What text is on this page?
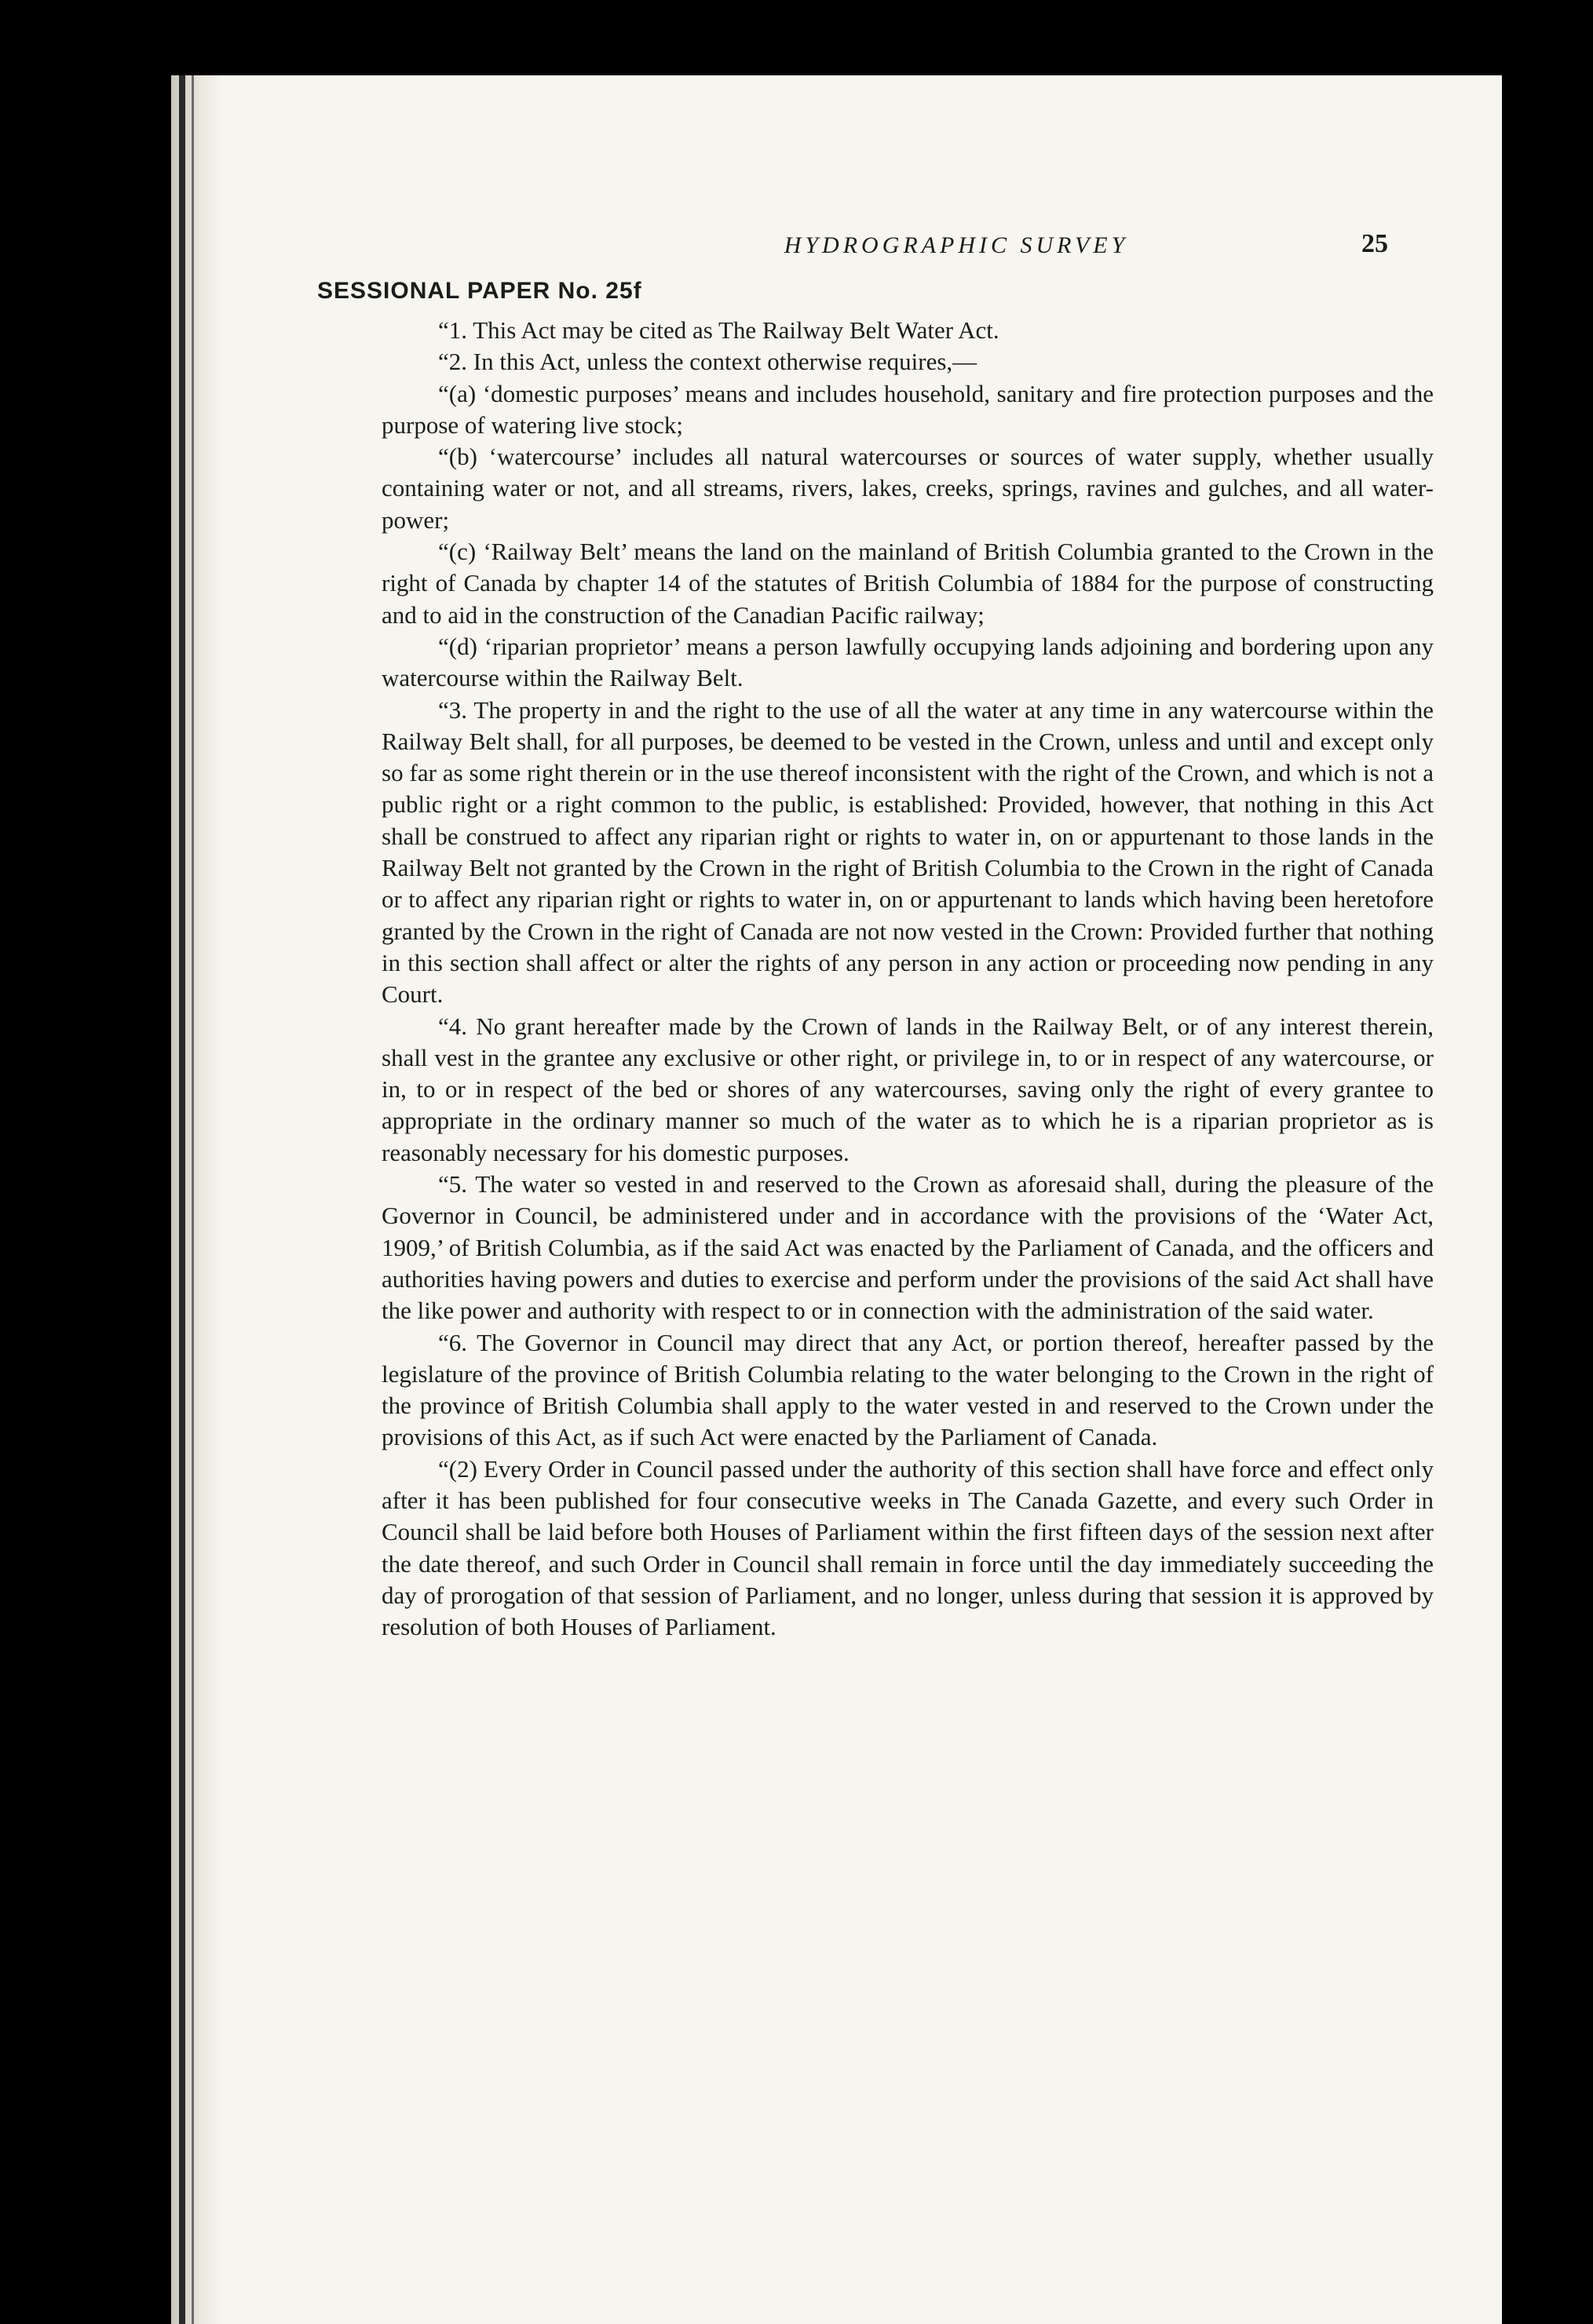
HYDROGRAPHIC SURVEY	25
SESSIONAL PAPER No. 25f

“1. This Act may be cited as The Railway Belt Water Act.

“2. In this Act, unless the context otherwise requires,—

“(a) ‘domestic purposes’ means and includes household, sanitary and fire protection purposes and the purpose of watering live stock;

“(b) ‘watercourse’ includes all natural watercourses or sources of water supply, whether usually containing water or not, and all streams, rivers, lakes, creeks, springs, ravines and gulches, and all water-power;

“(c) ‘Railway Belt’ means the land on the mainland of British Columbia granted to the Crown in the right of Canada by chapter 14 of the statutes of British Columbia of 1884 for the purpose of constructing and to aid in the construction of the Canadian Pacific railway;

“(d) ‘riparian proprietor’ means a person lawfully occupying lands adjoining and bordering upon any watercourse within the Railway Belt.

“3. The property in and the right to the use of all the water at any time in any watercourse within the Railway Belt shall, for all purposes, be deemed to be vested in the Crown, unless and until and except only so far as some right therein or in the use thereof inconsistent with the right of the Crown, and which is not a public right or a right common to the public, is established: Provided, however, that nothing in this Act shall be construed to affect any riparian right or rights to water in, on or appurtenant to those lands in the Railway Belt not granted by the Crown in the right of British Columbia to the Crown in the right of Canada or to affect any riparian right or rights to water in, on or appurtenant to lands which having been heretofore granted by the Crown in the right of Canada are not now vested in the Crown: Provided further that nothing in this section shall affect or alter the rights of any person in any action or proceeding now pending in any Court.

“4. No grant hereafter made by the Crown of lands in the Railway Belt, or of any interest therein, shall vest in the grantee any exclusive or other right, or privilege in, to or in respect of any watercourse, or in, to or in respect of the bed or shores of any watercourses, saving only the right of every grantee to appropriate in the ordinary manner so much of the water as to which he is a riparian proprietor as is reasonably necessary for his domestic purposes.

“5. The water so vested in and reserved to the Crown as aforesaid shall, during the pleasure of the Governor in Council, be administered under and in accordance with the provisions of the ‘Water Act, 1909,’ of British Columbia, as if the said Act was enacted by the Parliament of Canada, and the officers and authorities having powers and duties to exercise and perform under the provisions of the said Act shall have the like power and authority with respect to or in connection with the administration of the said water.

“6. The Governor in Council may direct that any Act, or portion thereof, hereafter passed by the legislature of the province of British Columbia relating to the water belonging to the Crown in the right of the province of British Columbia shall apply to the water vested in and reserved to the Crown under the provisions of this Act, as if such Act were enacted by the Parliament of Canada.

“(2) Every Order in Council passed under the authority of this section shall have force and effect only after it has been published for four consecutive weeks in The Canada Gazette, and every such Order in Council shall be laid before both Houses of Parliament within the first fifteen days of the session next after the date thereof, and such Order in Council shall remain in force until the day immediately succeeding the day of prorogation of that session of Parliament, and no longer, unless during that session it is approved by resolution of both Houses of Parliament.
